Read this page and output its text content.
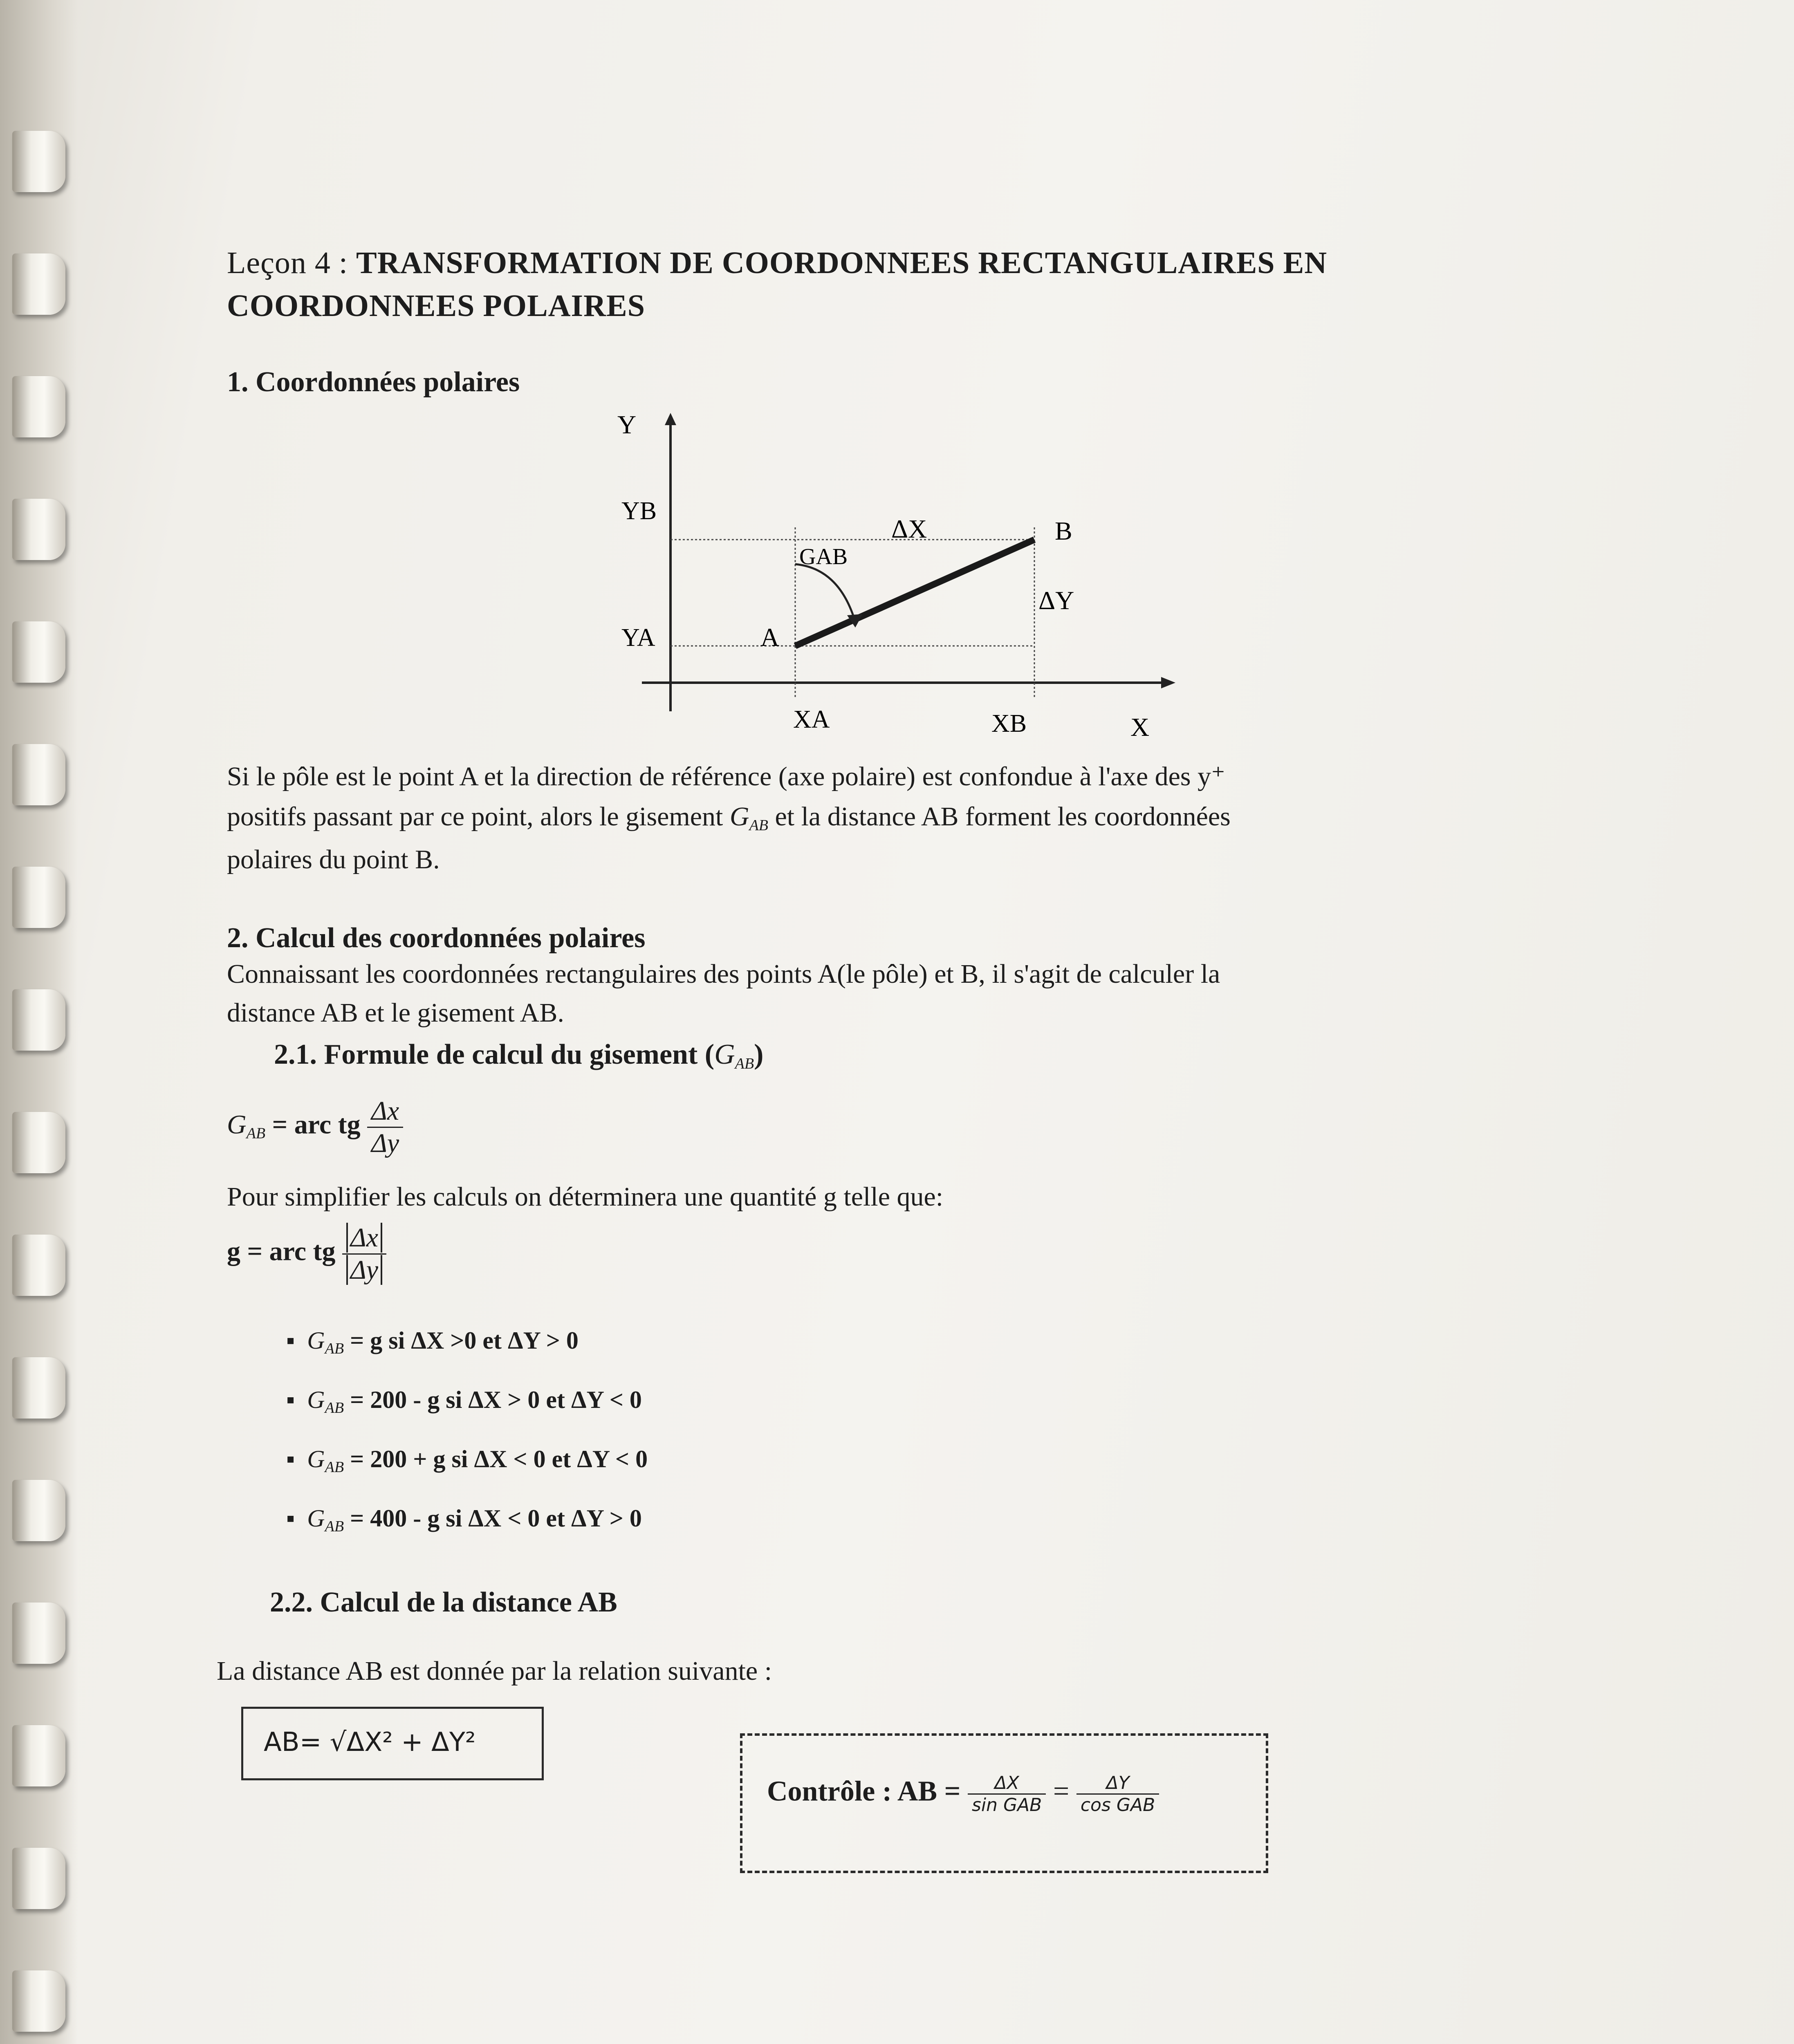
Leçon 4 : TRANSFORMATION DE COORDONNEES RECTANGULAIRES EN
COORDONNEES POLAIRES
1. Coordonnées polaires
Y
YB
YA	A
B
ΔX
ΔY
GAB
XA	XB	X
Si le pôle est le point A et la direction de référence (axe polaire) est confondue à l'axe des y⁺
positifs passant par ce point, alors le gisement $G_{AB}$ et la distance AB forment les coordonnées
polaires du point B.
2. Calcul des coordonnées polaires
Connaissant les coordonnées rectangulaires des points A(le pôle) et B, il s'agit de calculer la
distance AB et le gisement AB.
2.1. Formule de calcul du gisement $(G_{AB})$
$G_{AB}$ = arc tg $\frac{\Delta x}{\Delta y}$
Pour simplifier les calculs on déterminera une quantité g telle que:
g = arc tg $\frac{\Delta x}{\Delta y}$
▪  $G_{AB} = g$ si ΔX >0 et ΔY > 0
▪  $G_{AB} = 200 - g$ si ΔX > 0 et ΔY < 0
▪  $G_{AB} = 200 + g$ si ΔX < 0 et ΔY < 0
▪  $G_{AB} = 400 - g$ si ΔX < 0 et ΔY > 0
2.2. Calcul de la distance AB
La distance AB est donnée par la relation suivante :
AB= √ΔX² + ΔY²
Contrôle : AB = $\frac{\Delta X}{\text{sin GAB}} = \frac{\Delta Y}{\text{cos GAB}}$
